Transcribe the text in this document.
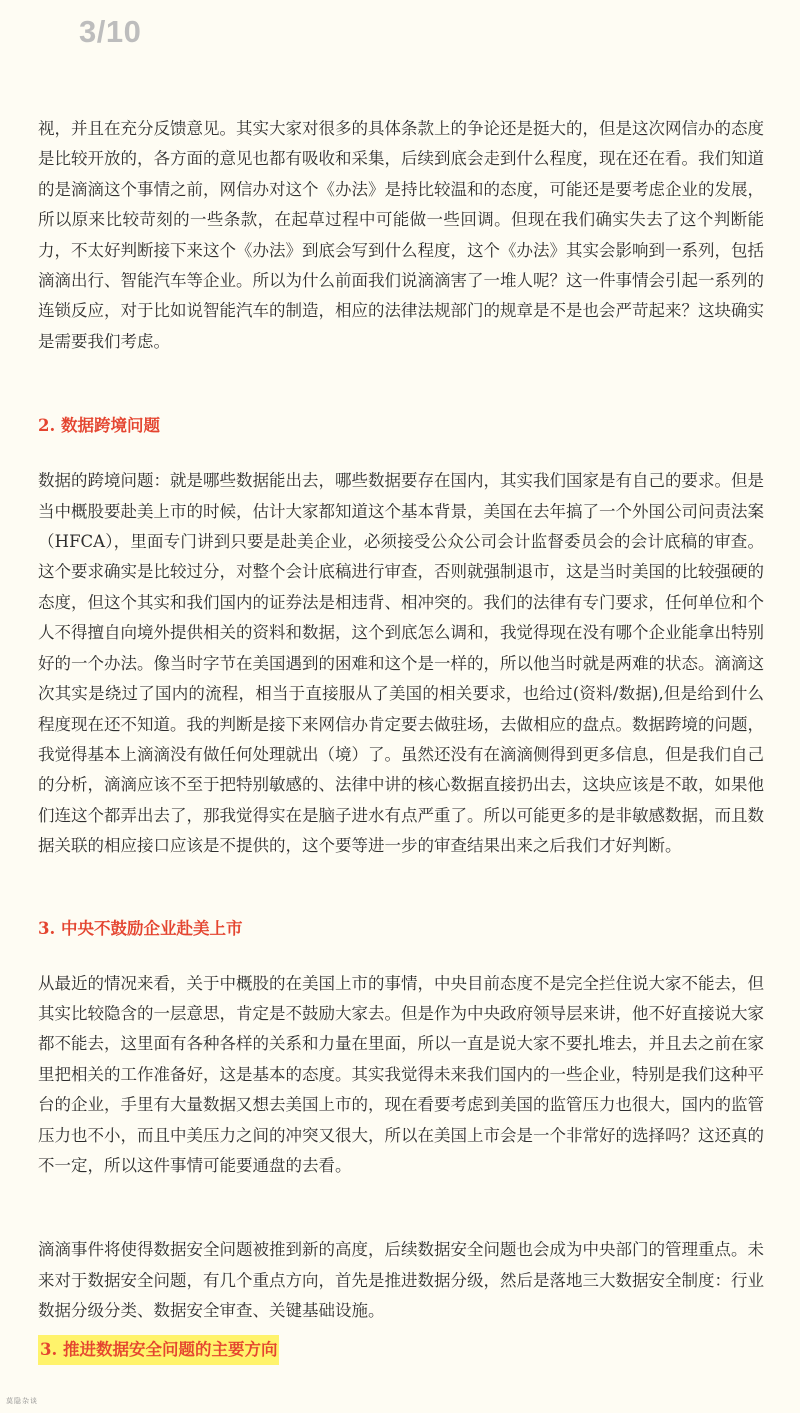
3/10

视，并且在充分反馈意见。其实大家对很多的具体条款上的争论还是挺大的，但是这次网信办的态度是比较开放的，各方面的意见也都有吸收和采集，后续到底会走到什么程度，现在还在看。我们知道的是滴滴这个事情之前，网信办对这个《办法》是持比较温和的态度，可能还是要考虑企业的发展，所以原来比较苛刻的一些条款，在起草过程中可能做一些回调。但现在我们确实失去了这个判断能力，不太好判断接下来这个《办法》到底会写到什么程度，这个《办法》其实会影响到一系列，包括滴滴出行、智能汽车等企业。所以为什么前面我们说滴滴害了一堆人呢？这一件事情会引起一系列的连锁反应，对于比如说智能汽车的制造，相应的法律法规部门的规章是不是也会严苛起来？这块确实是需要我们考虑。

2. 数据跨境问题

数据的跨境问题：就是哪些数据能出去，哪些数据要存在国内，其实我们国家是有自己的要求。但是当中概股要赴美上市的时候，估计大家都知道这个基本背景，美国在去年搞了一个外国公司问责法案（HFCA），里面专门讲到只要是赴美企业，必须接受公众公司会计监督委员会的会计底稿的审查。这个要求确实是比较过分，对整个会计底稿进行审查，否则就强制退市，这是当时美国的比较强硬的态度，但这个其实和我们国内的证券法是相违背、相冲突的。我们的法律有专门要求，任何单位和个人不得擅自向境外提供相关的资料和数据，这个到底怎么调和，我觉得现在没有哪个企业能拿出特别好的一个办法。像当时字节在美国遇到的困难和这个是一样的，所以他当时就是两难的状态。滴滴这次其实是绕过了国内的流程，相当于直接服从了美国的相关要求，也给过(资料/数据),但是给到什么程度现在还不知道。我的判断是接下来网信办肯定要去做驻场，去做相应的盘点。数据跨境的问题，我觉得基本上滴滴没有做任何处理就出（境）了。虽然还没有在滴滴侧得到更多信息，但是我们自己的分析，滴滴应该不至于把特别敏感的、法律中讲的核心数据直接扔出去，这块应该是不敢，如果他们连这个都弄出去了，那我觉得实在是脑子进水有点严重了。所以可能更多的是非敏感数据，而且数据关联的相应接口应该是不提供的，这个要等进一步的审查结果出来之后我们才好判断。

3. 中央不鼓励企业赴美上市

从最近的情况来看，关于中概股的在美国上市的事情，中央目前态度不是完全拦住说大家不能去，但其实比较隐含的一层意思，肯定是不鼓励大家去。但是作为中央政府领导层来讲，他不好直接说大家都不能去，这里面有各种各样的关系和力量在里面，所以一直是说大家不要扎堆去，并且去之前在家里把相关的工作准备好，这是基本的态度。其实我觉得未来我们国内的一些企业，特别是我们这种平台的企业，手里有大量数据又想去美国上市的，现在看要考虑到美国的监管压力也很大，国内的监管压力也不小，而且中美压力之间的冲突又很大，所以在美国上市会是一个非常好的选择吗？这还真的不一定，所以这件事情可能要通盘的去看。

滴滴事件将使得数据安全问题被推到新的高度，后续数据安全问题也会成为中央部门的管理重点。未来对于数据安全问题，有几个重点方向，首先是推进数据分级，然后是落地三大数据安全制度：行业数据分级分类、数据安全审查、关键基础设施。

3. 推进数据安全问题的主要方向

莫隐杂谈
